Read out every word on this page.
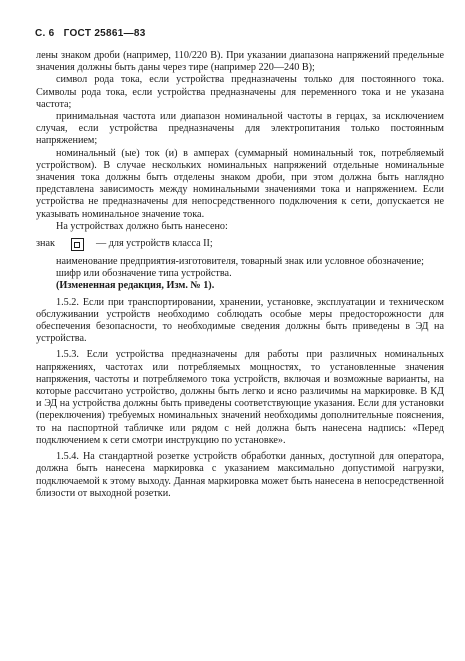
С. 6 ГОСТ 25861—83

лены знаком дроби (например, 110/220 В). При указании диапазона напряжений предельные значения должны быть даны через тире (например 220—240 В);

символ рода тока, если устройства предназначены только для постоянного тока. Символы рода тока, если устройства предназначены для переменного тока и не указана частота;

принимальная частота или диапазон номинальной частоты в герцах, за исключением случая, если устройства предназначены для электропитания только постоянным напряжением;

номинальный (ые) ток (и) в амперах (суммарный номинальный ток, потребляемый устройством). В случае нескольких номинальных напряжений отдельные номинальные значения тока должны быть отделены знаком дроби, при этом должна быть наглядно представлена зависимость между номинальными значениями тока и напряжением. Если устройства не предназначены для непосредственного подключения к сети, допускается не указывать номинальное значение тока.

На устройствах должно быть нанесено:

знак	— для устройств класса II;

наименование предприятия-изготовителя, товарный знак или условное обозначение;

шифр или обозначение типа устройства.

(Измененная редакция, Изм. № 1).

1.5.2. Если при транспортировании, хранении, установке, эксплуатации и техническом обслуживании устройств необходимо соблюдать особые меры предосторожности для обеспечения безопасности, то необходимые сведения должны быть приведены в ЭД на устройства.

1.5.3. Если устройства предназначены для работы при различных номинальных напряжениях, частотах или потребляемых мощностях, то установленные значения напряжения, частоты и потребляемого тока устройств, включая и возможные варианты, на которые рассчитано устройство, должны быть легко и ясно различимы на маркировке. В КД и ЭД на устройства должны быть приведены соответствующие указания. Если для установки (переключения) требуемых номинальных значений необходимы дополнительные пояснения, то на паспортной табличке или рядом с ней должна быть нанесена надпись: «Перед подключением к сети смотри инструкцию по установке».

1.5.4. На стандартной розетке устройств обработки данных, доступной для оператора, должна быть нанесена маркировка с указанием максимально допустимой нагрузки, подключаемой к этому выходу. Данная маркировка может быть нанесена в непосредственной близости от выходной розетки.
